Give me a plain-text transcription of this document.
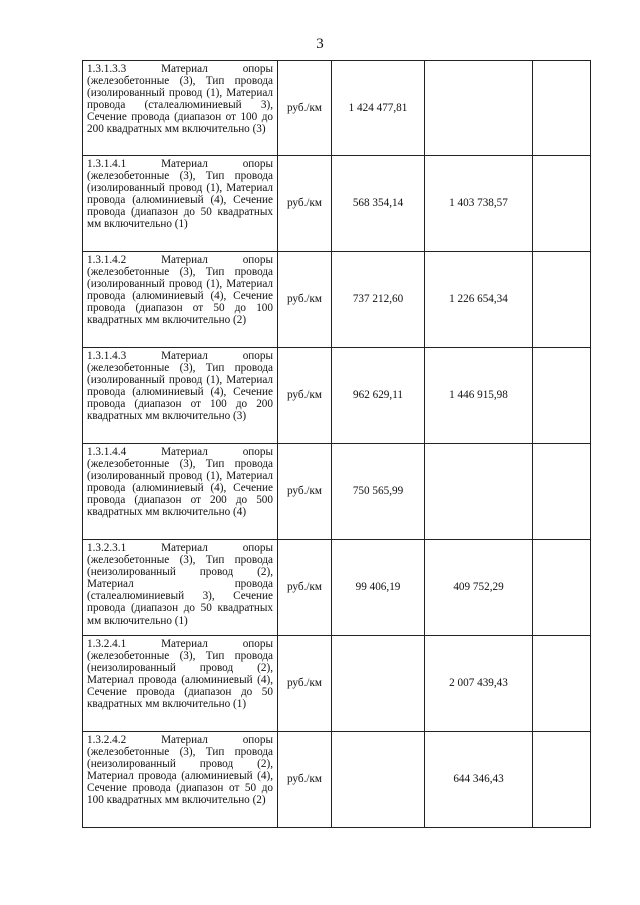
3
1.3.1.3.3 Материал опоры (железобетонные (3), Тип провода (изолированный провод (1), Материал провода (сталеалюминиевый 3), Сечение провода (диапазон от 100 до 200 квадратных мм включительно (3)	руб./км	1 424 477,81		
1.3.1.4.1 Материал опоры (железобетонные (3), Тип провода (изолированный провод (1), Материал провода (алюминиевый (4), Сечение провода (диапазон до 50 квадратных мм включительно (1)	руб./км	568 354,14	1 403 738,57	
1.3.1.4.2 Материал опоры (железобетонные (3), Тип провода (изолированный провод (1), Материал провода (алюминиевый (4), Сечение провода (диапазон от 50 до 100 квадратных мм включительно (2)	руб./км	737 212,60	1 226 654,34	
1.3.1.4.3 Материал опоры (железобетонные (3), Тип провода (изолированный провод (1), Материал провода (алюминиевый (4), Сечение провода (диапазон от 100 до 200 квадратных мм включительно (3)	руб./км	962 629,11	1 446 915,98	
1.3.1.4.4 Материал опоры (железобетонные (3), Тип провода (изолированный провод (1), Материал провода (алюминиевый (4), Сечение провода (диапазон от 200 до 500 квадратных мм включительно (4)	руб./км	750 565,99		
1.3.2.3.1 Материал опоры (железобетонные (3), Тип провода (неизолированный провод (2), Материал провода (сталеалюминиевый 3), Сечение провода (диапазон до 50 квадратных мм включительно (1)	руб./км	99 406,19	409 752,29	
1.3.2.4.1 Материал опоры (железобетонные (3), Тип провода (неизолированный провод (2), Материал провода (алюминиевый (4), Сечение провода (диапазон до 50 квадратных мм включительно (1)	руб./км		2 007 439,43	
1.3.2.4.2 Материал опоры (железобетонные (3), Тип провода (неизолированный провод (2), Материал провода (алюминиевый (4), Сечение провода (диапазон от 50 до 100 квадратных мм включительно (2)	руб./км		644 346,43	
